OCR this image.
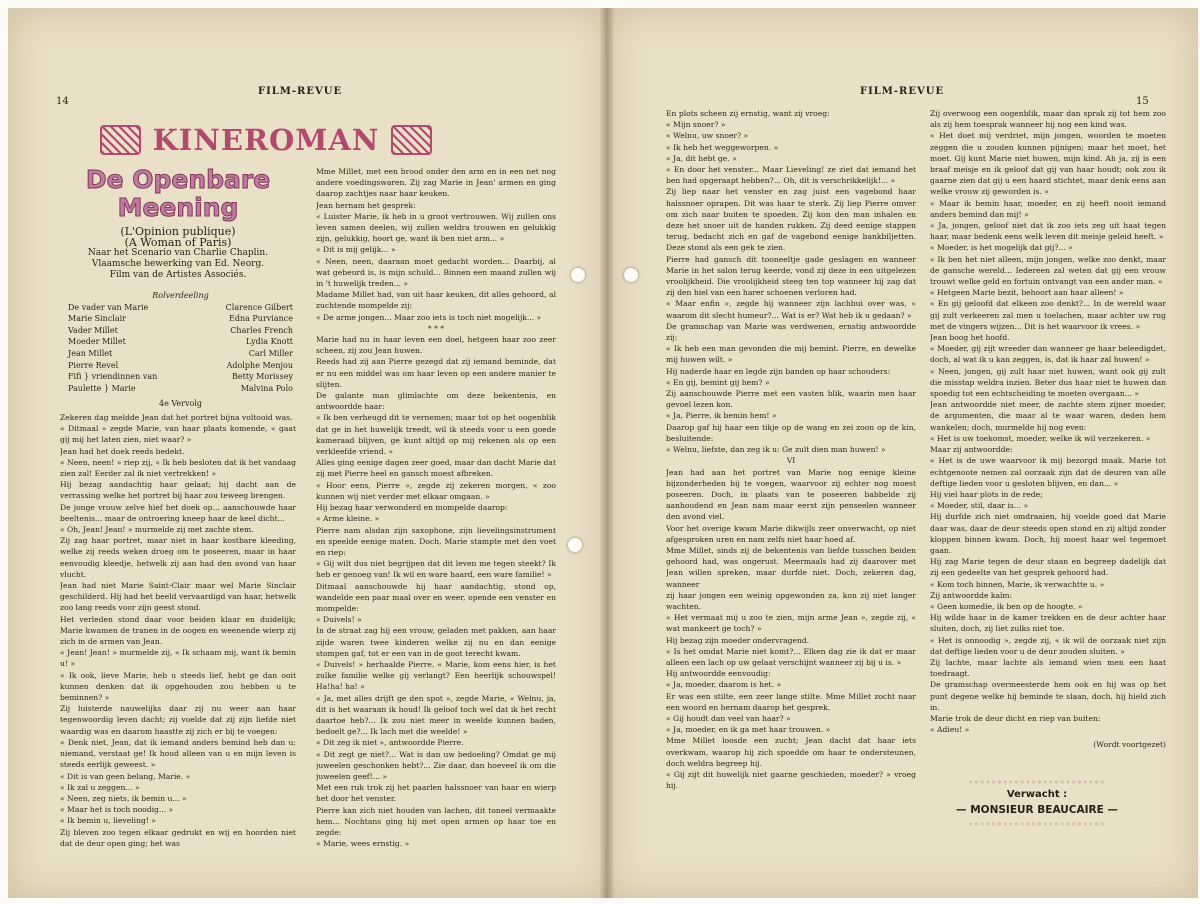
FILM-REVUE
14
KINEROMAN
De Openbare
Meening
(L'Opinion publique)
(A Woman of Paris)
Naar het Scenario van Charlie Chaplin.
Vlaamsche bewerking van Ed. Neorg.
Film van de Artistes Associés.
Rolverdeeling
De vader van Marie	Clarence Gilbert
Marie Sinclair	Edna Purviance
Vader Millet	Charles French
Moeder Millet	Lydia Knott
Jean Millet	Carl Miller
Pierre Revel	Adolphe Menjou
Fifi } vriendinnen van	Betty Morissey
Paulette } Marie	Malvina Polo
4e Vervolg

Zekeren dag meldde Jean dat het portret bijna voltooid was.

« Ditmaal » zegde Marie, van haar plaats komende, « gaat gij mij het laten zien, niet waar? »

Jean had het doek reeds bedekt.

« Neen, neen! » riep zij, « Ik heb besloten dat ik het vandaag zien zal! Eerder zal ik niet vertrekken! »

Hij bezag aandachtig haar gelaat; hij dacht aan de verrassing welke het portret bij haar zou teweeg brengen.

De jonge vrouw zelve hief het doek op... aanschouwde haar beeltenis... maar de ontroering kneep haar de keel dicht...

« Oh, Jean! Jean! » murmelde zij met zachte stem.

Zij zag haar portret, maar niet in haar kostbare kleeding, welke zij reeds weken droeg om te poseeren, maar in haar eenvoudig kleedje, hetwelk zij aan had den avond van haar vlucht.

Jean had niet Marie Saint-Clair maar wel Marie Sinclair geschilderd. Hij had het beeld vervaardigd van haar, hetwelk zoo lang reeds voor zijn geest stond.

Het verleden stond daar voor beiden klaar en duidelijk; Marie kwamen de tranen in de oogen en weenende wierp zij zich in de armen van Jean.

« Jean! Jean! » murmelde zij, « Ik schaam mij, want ik bemin u! »

« Ik ook, lieve Marie, heb u steeds lief, hebt ge dan ooit kunnen denken dat ik opgehouden zou hebben u te beminnen? »

Zij luisterde nauwelijks daar zij nu weer aan haar tegenwoordig leven dacht; zij voelde dat zij zijn liefde niet waardig was en daarom haastte zij zich er bij te voegen:

« Denk niet, Jean, dat ik iemand anders bemind heb dan u; niemand, verstaat ge! Ik houd alleen van u en mijn leven is steeds eerlijk geweest. »

« Dit is van geen belang, Marie. »

« Ik zal u zeggen... »

« Neen, zeg niets, ik bemin u... »

« Maar het is toch noodig... »

« Ik bemin u, lieveling! »

Zij bleven zoo tegen elkaar gedrukt en wij en hoorden niet dat de deur open ging; het was

Mme Millet, met een brood onder den arm en in een net nog andere voedingswaren. Zij zag Marie in Jean' armen en ging daarop zachtjes naar haar keuken.

Jean hernam het gesprek:

« Luister Marie, ik heb in u groot vertrouwen. Wij zullen ons leven samen deelen, wij zullen weldra trouwen en gelukkig zijn, gelukkig, hoort ge, want ik ben niet arm... »

« Dit is mij gelijk... »

« Neen, neen, daaraan moet gedacht worden... Daarbij, al wat gebeurd is, is mijn schuld... Binnen een maand zullen wij in 't huwelijk treden... »

Madame Millet had, van uit haar keuken, dit alles gehoord, al zuchtende mompelde zij:

« De arme jongen... Maar zoo iets is toch niet mogelijk... »

* * *

Marie had nu in haar leven een doel, hetgeen haar zoo zeer scheen, zij zou Jean huwen.

Reeds had zij aan Pierre gezegd dat zij iemand beminde, dat er nu een middel was om haar leven op een andere manier te slijten.

De galante man glimlachte om deze bekentenis, en antwoordde haar:

« Ik ben verheugd dit te vernemen; maar tot op het oogenblik dat ge in het huwelijk treedt, wil ik steeds voor u een goede kameraad blijven, ge kunt altijd op mij rekenen als op een verkleefde vriend. »

Alles ging eenige dagen zeer goed, maar dan dacht Marie dat zij met Pierre heel en gansch moest afbreken.

« Hoor eens, Pierre », zegde zij zekeren morgen, « zoo kunnen wij niet verder met elkaar omgaan. »

Hij bezag haar verwonderd en mompelde daarop:

« Arme kleine. »

Pierre nam alsdan zijn saxophone, zijn lievelingsinstrument en speelde eenige maten. Doch, Marie stampte met den voet en riep:

« Gij wilt dus niet begrijpen dat dit leven me tegen steekt? Ik heb er genoeg van! Ik wil en ware haard, een ware familie! »

Ditmaal aanschouwde hij haar aandachtig, stond op, wandelde een paar maal over en weer, opende een venster en mompelde:

« Duivels! »

In de straat zag hij een vrouw, geladen met pakken, aan haar zijde waren twee kinderen welke zij nu en dan eenige stompen gaf, tot er een van in de goot terecht kwam.

« Duivels! » herhaalde Pierre. « Marie, kom eens hier, is het zulke familie welke gij verlangt? Een heerlijk schouwspel! Ha!ha! ha! »

« Ja, met alles drijft ge den spot », zegde Marie, « Welnu, ja, dit is het waaraan ik houd! Ik geloof toch wel dat ik het recht daartoe heb?... Ik zou niet meer in weelde kunnen baden, bedoelt ge?... Ik lach met die weelde! »

« Dit zeg ik niet », antwoordde Pierre.

« Dit zegt ge niet?... Wat is dan uw bedoeling? Omdat ge mij juweelen geschonken hebt?... Zie daar, dan hoeveel ik om die juweelen geef!... »

Met een ruk trok zij het paarlen halssnoer van haar en wierp het door het venster.

Pierre kan zich niet houden van lachen, dit toneel vermaakte hem... Nochtans ging hij met open armen op haar toe en zegde:

« Marie, wees ernstig. »

FILM-REVUE
15

En plots scheen zij ernstig, want zij vroeg:

« Mijn snoer? »

« Welnu, uw snoer? »

« Ik heb het weggeworpen. »

« Ja, dit hebt ge. »

« En door het venster... Maar Lieveling! ze ziet dat iemand het ben had opgeraapt hebben?... Oh, dit is verschrikkelijk!... »

Zij liep naar het venster en zag juist een vagebond haar halssnoer oprapen. Dit was haar te sterk. Zij liep Pierre omver om zich naar buiten te spoeden. Zij kon den man inhalen en deze het snoer uit de handen rukken. Zij deed eenige stappen terug, bedacht zich en gaf de vagebond eenige bankbiljetten. Deze stond als een gek te zien.

Pierre had gansch dit tooneeltje gade geslagen en wanneer Marie in het salon terug keerde, vond zij deze in een uitgelezen vroolijkheid. Die vroolijkheid steeg ten top wanneer hij zag dat zij den hiel van een harer schoenen verloren had.

« Maar enfin », zegde hij wanneer zijn lachbui over was, « waarom dit slecht humeur?... Wat is er? Wat heb ik u gedaan? »

De gramschap van Marie was verdwenen, ernstig antwoordde zij:

« Ik heb een man gevonden die mij bemint. Pierre, en dewelke mij huwen wilt. »

Hij naderde haar en legde zijn banden op haar schouders:

« En gij, bemint gij hem? »

Zij aanschouwde Pierre met een vasten blik, waarin men haar gevoel lezen kon.

« Ja, Pierre, ik bemin hem! »

Daarop gaf hij haar een tikje op de wang en zei zoon op de kin, besluitende:

« Welnu, liefste, dan zeg ik u: Ge zult dien man huwen! »

VI

Jean had aan het portret van Marie nog eenige kleine bijzonderheden bij te voegen, waarvoor zij echter nog moest poseeren. Doch, in plaats van te poseeren babbelde zij aanhoudend en Jean nam maar eerst zijn penseelen wanneer den avond viel.

Voor het overige kwam Marie dikwijls zeer onverwacht, op niet afgesproken uren en nam zelfs niet haar hoed af.

Mme Millet, sinds zij de bekentenis van liefde tusschen beiden gehoord had, was ongerust. Meermaals had zij daarover met Jean willen spreken, maar durfde niet. Doch, zekeren dag, wanneer

zij haar jongen een weinig opgewonden za, kon zij niet langer wachten.

« Het vermaat mij u zoo te zien, mijn arme Jean », zegde zij, « wat mankeert ge toch? »

Hij bezag zijn moeder ondervragend.

« Is het omdat Marie niet komt?... Elken dag zie ik dat er maar alleen een lach op uw gelaat verschijnt wanneer zij bij u is. »

Hij antwoordde eenvoudig:

« Ja, moeder, daarom is het. »

Er was een stilte, een zeer lange stilte. Mme Millet zocht naar een woord en hernam daarop het gesprek.

« Gij houdt dan veel van haar? »

« Ja, moeder, en ik ga met haar trouwen. »

Mme Millet loosde een zucht; Jean dacht dat haar iets overkwam, waarop hij zich spoedde om haar te ondersteunen, doch weldra begreep hij.

« Gij zijt dit huwelijk niet gaarne geschieden, moeder? » vroeg hij.

Zij overwoog een oogenblik, maar dan sprak zij tot hem zoo als zij hem toesprak wanneer hij nog een kind was.

« Het doet mij verdriet, mijn jongen, woorden te moeten zeggen die u zouden kunnen pijnigen; maar het moet, het moet. Gij kunt Marie niet huwen, mijn kind. Ah ja, zij is een braaf meisje en ik geloof dat gij van haar houdt; ook zou ik gaarne zien dat gij u een haard stichtet, maar denk eens aan welke vrouw zij geworden is. »

« Maar ik bemin haar, moeder, en zij heeft nooit iemand anders bemind dan mij! »

« Ja, jongen, geloof niet dat ik zoo iets zeg uit haat tegen haar, maar bedenk eens welk leven dit meisje geleid heeft. »

« Moeder, is het mogelijk dat gij?... »

« Ik ben het niet alleen, mijn jongen, welke zoo denkt, maar de gansche wereld... Iedereen zal weten dat gij een vrouw trouwt welke geld en fortuin ontvangt van een ander man. »

« Hetgeen Marie bezit, behoort aan haar alleen! »

« En gij geloofd dat elkeen zoo denkt?... In de wereld waar gij zult verkeeren zal men u toelachen, maar achter uw rug met de vingers wijzen... Dit is het waarvoor ik vrees. »

Jean boog het hoofd.

« Moeder, gij zijt wreeder dan wanneer ge haar beleedigdet, doch, al wat ik u kan zeggen, is, dat ik haar zal huwen! »

« Neen, jongen, gij zult haar niet huwen, want ook gij zult die misstap weldra inzien. Beter dus haar niet te huwen dan spoedig tot een echtscheiding te moeten overgaan... »

Jean antwoordde niet meer, de zachte stem zijner moeder, de argumenten, die maar al te waar waren, deden hem wankelen; doch, murmelde hij nog even:

« Het is uw toekomst, moeder, welke ik wil verzekeren. »

Maar zij antwoordde:

« Het is de uwe waarvoor ik mij bezorgd maak. Marie tot echtgenoote nemen zal oorzaak zijn dat de deuren van alle deftige lieden voor u gesloten blijven, en dan... »

Hij viel haar plots in de rede;

« Moeder, stil, daar is... »

Hij durfde zich niet omdraaien, hij voelde goed dat Marie daar was, daar de deur steeds open stond en zij altijd zonder kloppen binnen kwam. Doch, hij moest haar wel tegemoet gaan.

Hij zag Marie tegen de deur staan en begreep dadelijk dat zij een gedeelte van het gesprek gehoord had.

« Kom toch binnen, Marie, ik verwachtte u. »

Zij antwoordde kalm:

« Geen komedie, ik ben op de hoogte. »

Hij wilde haar in de kamer trekken en de deur achter haar sluiten, doch, zij liet zulks niet toe.

« Het is onnoodig », zegde zij, « ik wil de oorzaak niet zijn dat deftige lieden voor u de deur zouden sluiten. »

Zij lachte, maar lachte als iemand wien men een haat toedraagt.

De gramschap overmeesterde hem ook en hij was op het punt degene welke hij beminde te slaan, doch, hij hield zich in.

Marie trok de deur dicht en riep van buiten:

« Adieu! »

(Wordt voortgezet)

◦◦◦◦◦◦◦◦◦◦◦◦◦◦◦◦◦◦◦◦◦◦◦◦
Verwacht :
— MONSIEUR BEAUCAIRE —
◦◦◦◦◦◦◦◦◦◦◦◦◦◦◦◦◦◦◦◦◦◦◦◦
